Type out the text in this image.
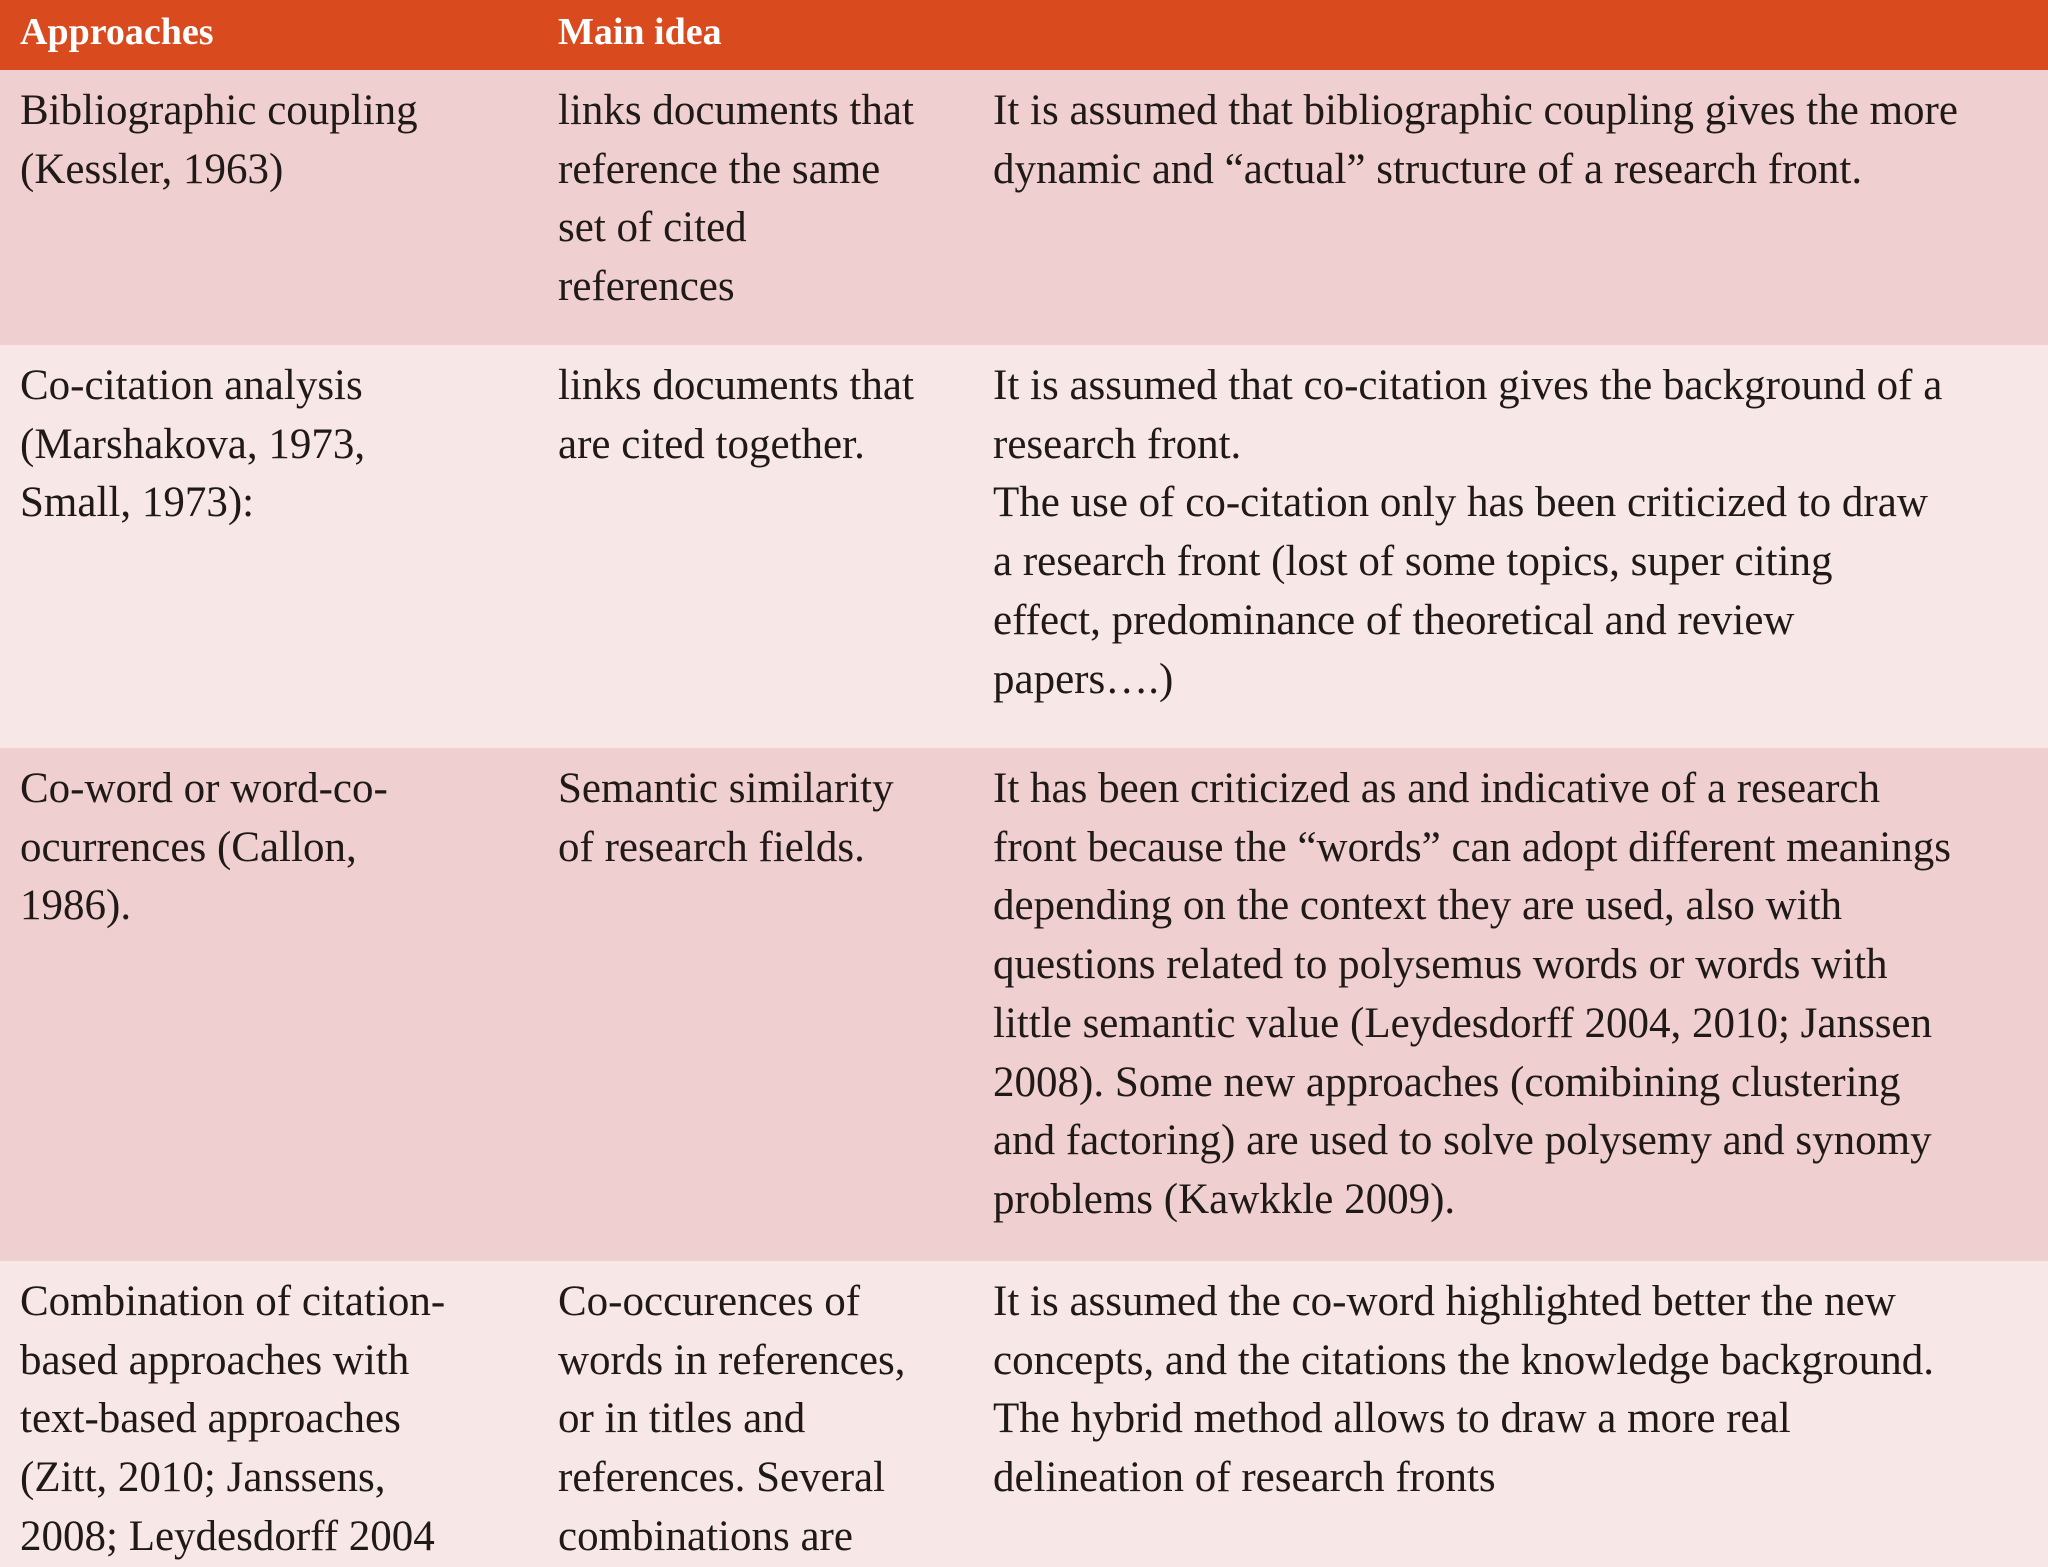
Approaches	Main idea
Bibliographic coupling
(Kessler, 1963)
links documents that
reference the same
set of cited
references
It is assumed that bibliographic coupling gives the more
dynamic and “actual” structure of a research front.
Co-citation analysis
(Marshakova, 1973,
Small, 1973):
links documents that
are cited together.
It is assumed that co-citation gives the background of a
research front.
The use of co-citation only has been criticized to draw
a research front (lost of some topics, super citing
effect, predominance of theoretical and review
papers….)
Co-word or word-co-
ocurrences (Callon,
1986).
Semantic similarity
of research fields.
It has been criticized as and indicative of a research
front because the “words” can adopt different meanings
depending on the context they are used, also with
questions related to polysemus words or words with
little semantic value (Leydesdorff 2004, 2010; Janssen
2008). Some new approaches (comibining clustering
and factoring) are used to solve polysemy and synomy
problems (Kawkkle 2009).
Combination of citation-
based approaches with
text-based approaches
(Zitt, 2010; Janssens,
2008; Leydesdorff 2004
Co-occurences of
words in references,
or in titles and
references. Several
combinations are
It is assumed the co-word highlighted better the new
concepts, and the citations the knowledge background.
The hybrid method allows to draw a more real
delineation of research fronts
